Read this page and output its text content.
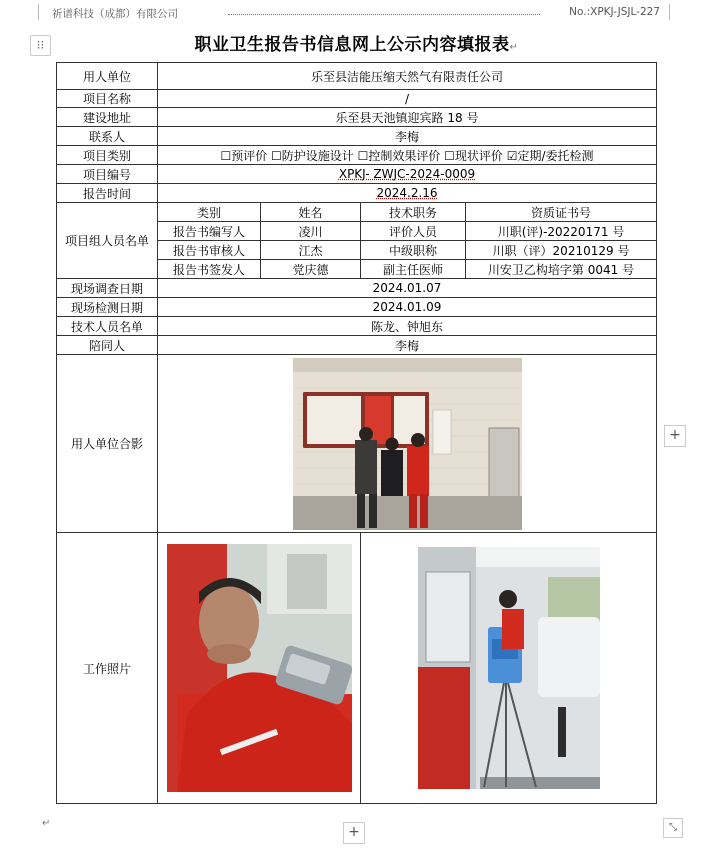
祈谱科技（成都）有限公司	No.:XPKJ-JSJL-227
⁝⁝	职业卫生报告书信息网上公示内容填报表↵
用人单位	乐至县洁能压缩天然气有限责任公司			
项目名称	/			
建设地址	乐至县天池镇迎宾路 18 号			
联系人	李梅			
项目类别	☐预评价 ☐防护设施设计 ☐控制效果评价 ☐现状评价 ☑定期/委托检测			
项目编号	XPKJ- ZWJC-2024-0009			
报告时间	2024.2.16			
项目组人员名单	类别	姓名	技术职务	资质证书号
	报告书编写人	凌川	评价人员	川职(评)-20220171 号
	报告书审核人	江杰	中级职称	川职（评）20210129 号
	报告书签发人	党庆德	副主任医师	川安卫乙构培字第 0041 号
现场调查日期	2024.01.07			
现场检测日期	2024.01.09			
技术人员名单	陈龙、钟旭东			
陪同人	李梅			
用人单位合影	

工作照片	

+
+	⤡
↵
